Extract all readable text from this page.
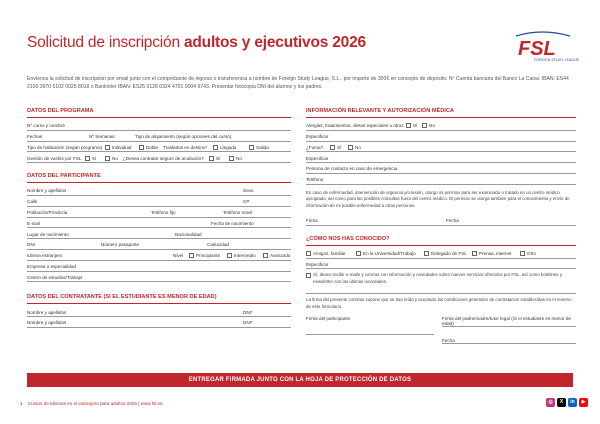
Solicitud de inscripción adultos y ejecutivos 2026	FSL
FOREIGN STUDY LEAGUE

Envíenos la solicitud de inscripción por email junto con el comprobante de ingreso o transferencia a nombre de Foreign Study League, S.L., por importe de 300€ en concepto de depósito. Nº Cuenta bancaria del Banco La Caixa: IBAN: ES44 2100 3970 5102 0025 8018 o Bankinter IBAN: ES25 0128 0324 4701 0004 9743. Presentar fotocopia DNI del alumno y los padres.

DATOS DEL PROGRAMA
Nº curso y nombre
Fechas	Nº Semanas	Tipo de alojamiento (según opciones del curso)
Tipo de habitación (según programa)	Individual	Doble Traslados en destino*	Llegada	Salida
Gestión de vuelos por FSL	Sí	No ¿Desea contratar seguro de anulación?	Sí	No
DATOS DEL PARTICIPANTE
Nombre y apellidos	Sexo
Calle	CP
Población/Provincia	Teléfono fijo	Teléfono móvil
E-mail	Fecha de nacimiento
Lugar de nacimiento	Nacionalidad
DNI	Número pasaporte	Caducidad
Idioma extranjero	Nivel	Principiante	Intermedio	Avanzado
Empresa o especialidad
Centro de estudios/Trabajo
DATOS DEL CONTRATANTE (SI EL ESTUDIANTE ES MENOR DE EDAD)
Nombre y apellidos	DNI*
Nombre y apellidos	DNI*
INFORMACIÓN RELEVANTE Y AUTORIZACIÓN MÉDICA
Alergias, tratamientos, dietas especiales u otros	Sí	No
Especificar
¿Fuma?	Sí	No
Especificar
Persona de contacto en caso de emergencia
Teléfono

En caso de enfermedad, intervención de urgencia y/o lesión, otorgo mi permiso para ser examinado o tratado en un centro médico apropiado, así como para las posibles consultas fuera del centro médico. El permiso se otorga también para el conocimiento y envío de información de mi posible enfermedad a otras personas.

Firma	Fecha
¿CÓMO NOS HAS CONOCIDO?
Amigos, familiar	En la Universidad/Trabajo	Delegado de FSL	Prensa, internet	Otro
Especificar

Sí, deseo recibir e-mails y correos con información y novedades sobre nuevos servicios ofrecidos por FSL, así como boletines y newsletter con las últimas novedades.

La firma del presente contrato supone que se han leído y aceptado las condiciones generales de contratación establecidas en el reverso de este formulario.

Firma del participante	Firma del padre/madre/tutor legal (Si el estudiante es menor de edad)
Fecha
ENTREGAR FIRMADA JUNTO CON LA HOJA DE PROTECCIÓN DE DATOS
1 Cursos de idiomas en el extranjero para adultos 2025 | www.fsl.es	◎	X	in	▶
